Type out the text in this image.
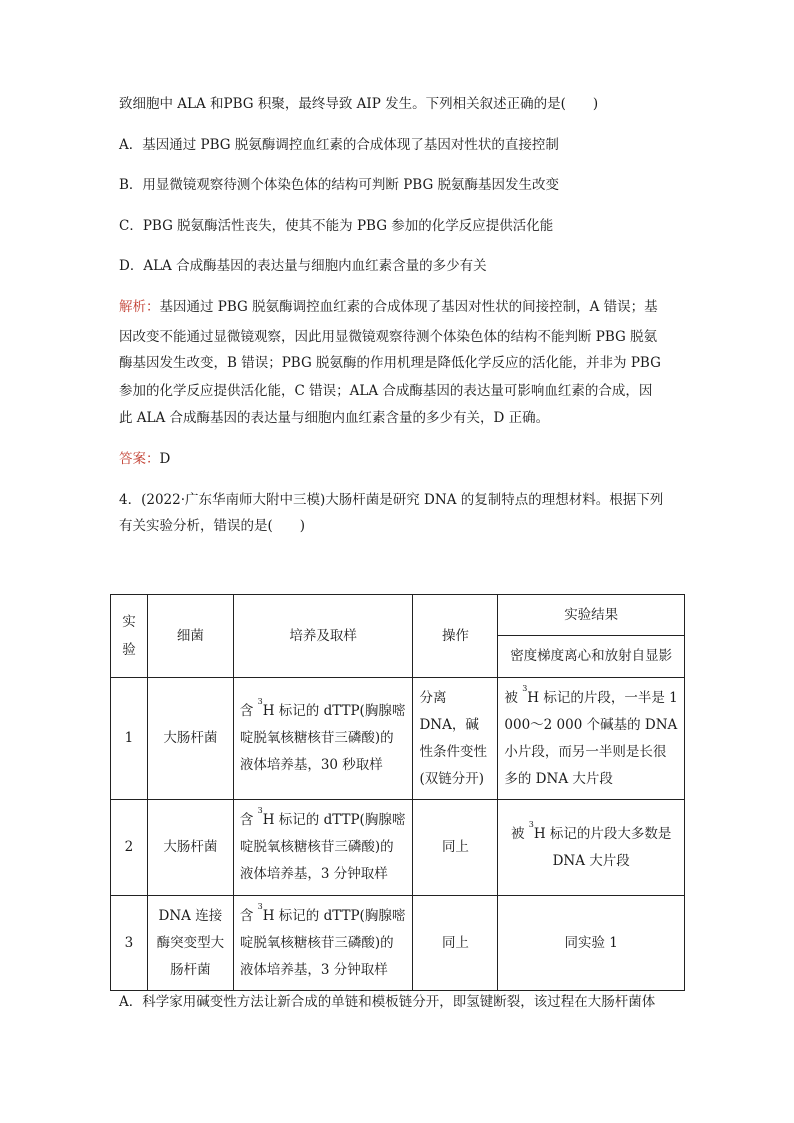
致细胞中 ALA 和PBG 积聚，最终导致 AIP 发生。下列相关叙述正确的是(　　)
A．基因通过 PBG 脱氨酶调控血红素的合成体现了基因对性状的直接控制
B．用显微镜观察待测个体染色体的结构可判断 PBG 脱氨酶基因发生改变
C．PBG 脱氨酶活性丧失，使其不能为 PBG 参加的化学反应提供活化能
D．ALA 合成酶基因的表达量与细胞内血红素含量的多少有关
解析：基因通过 PBG 脱氨酶调控血红素的合成体现了基因对性状的间接控制，A 错误；基
因改变不能通过显微镜观察，因此用显微镜观察待测个体染色体的结构不能判断 PBG 脱氨
酶基因发生改变，B 错误；PBG 脱氨酶的作用机理是降低化学反应的活化能，并非为 PBG
参加的化学反应提供活化能，C 错误；ALA 合成酶基因的表达量可影响血红素的合成，因
此 ALA 合成酶基因的表达量与细胞内血红素含量的多少有关，D 正确。
答案：D
4．(2022·广东华南师大附中三模)大肠杆菌是研究 DNA 的复制特点的理想材料。根据下列
有关实验分析，错误的是(　　)
实
验	细菌	培养及取样	操作	实验结果
				密度梯度离心和放射自显影
1	大肠杆菌	含 $^3$H 标记的 dTTP(胸腺嘧啶脱氧核糖核苷三磷酸)的液体培养基，30 秒取样	分离 DNA，碱性条件变性(双链分开)	被 $^3$H 标记的片段，一半是 1 000～2 000 个碱基的 DNA 小片段，而另一半则是长很多的 DNA 大片段
2	大肠杆菌	含 $^3$H 标记的 dTTP(胸腺嘧啶脱氧核糖核苷三磷酸)的液体培养基，3 分钟取样	同上	被 $^3$H 标记的片段大多数是 DNA 大片段
3	DNA 连接酶突变型大肠杆菌	含 $^3$H 标记的 dTTP(胸腺嘧啶脱氧核糖核苷三磷酸)的液体培养基，3 分钟取样	同上	同实验 1
A．科学家用碱变性方法让新合成的单链和模板链分开，即氢键断裂，该过程在大肠杆菌体
